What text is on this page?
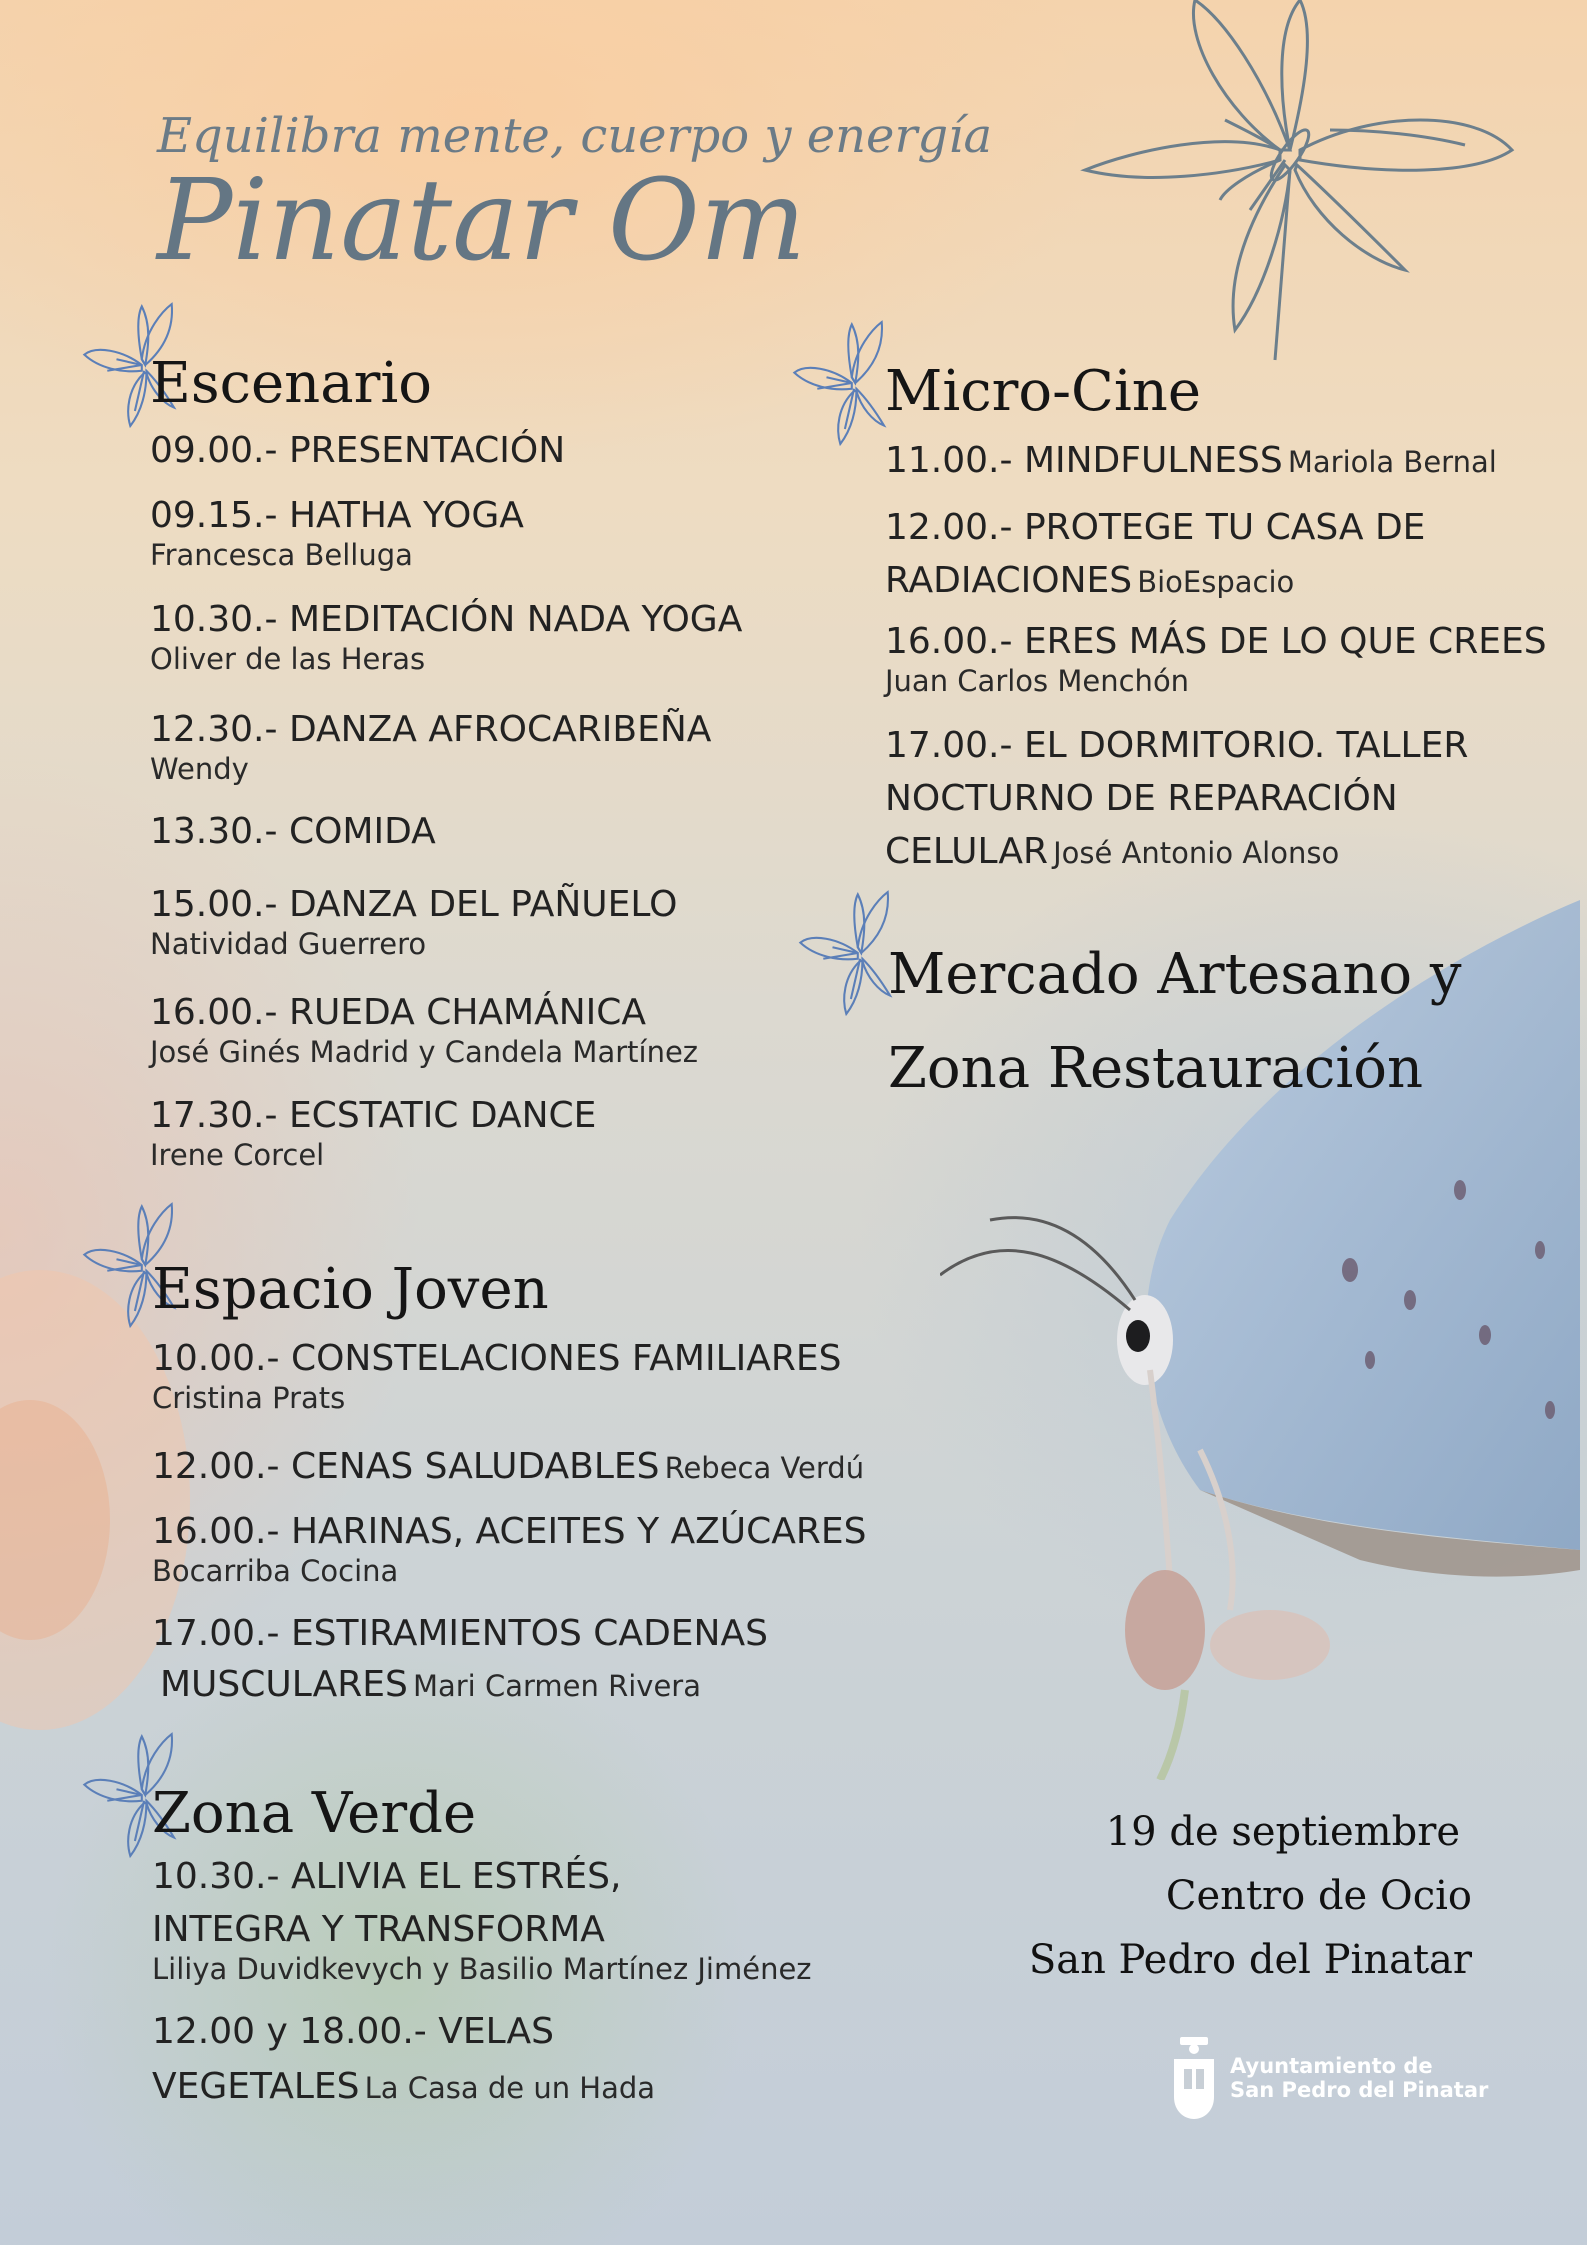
Equilibra mente, cuerpo y energía
Pinatar Om
Escenario
09.00.- PRESENTACIÓN
09.15.- HATHA YOGA
Francesca Belluga
10.30.- MEDITACIÓN NADA YOGA
Oliver de las Heras
12.30.- DANZA AFROCARIBEÑA
Wendy
13.30.- COMIDA
15.00.- DANZA DEL PAÑUELO
Natividad Guerrero
16.00.- RUEDA CHAMÁNICA
José Ginés Madrid y Candela Martínez
17.30.- ECSTATIC DANCE
Irene Corcel
Espacio Joven
10.00.- CONSTELACIONES FAMILIARES
Cristina Prats
12.00.- CENAS SALUDABLES Rebeca Verdú
16.00.- HARINAS, ACEITES Y AZÚCARES
Bocarriba Cocina
17.00.- ESTIRAMIENTOS CADENAS
MUSCULARES Mari Carmen Rivera
Zona Verde
10.30.- ALIVIA EL ESTRÉS,
INTEGRA Y TRANSFORMA
Liliya Duvidkevych y Basilio Martínez Jiménez
12.00 y 18.00.- VELAS
VEGETALES La Casa de un Hada
Micro-Cine
11.00.- MINDFULNESS Mariola Bernal
12.00.- PROTEGE TU CASA DE
RADIACIONES BioEspacio
16.00.- ERES MÁS DE LO QUE CREES
Juan Carlos Menchón
17.00.- EL DORMITORIO. TALLER
NOCTURNO DE REPARACIÓN
CELULAR José Antonio Alonso
Mercado Artesano y
Zona Restauración
19 de septiembre
Centro de Ocio
San Pedro del Pinatar
Ayuntamiento de
San Pedro del Pinatar
